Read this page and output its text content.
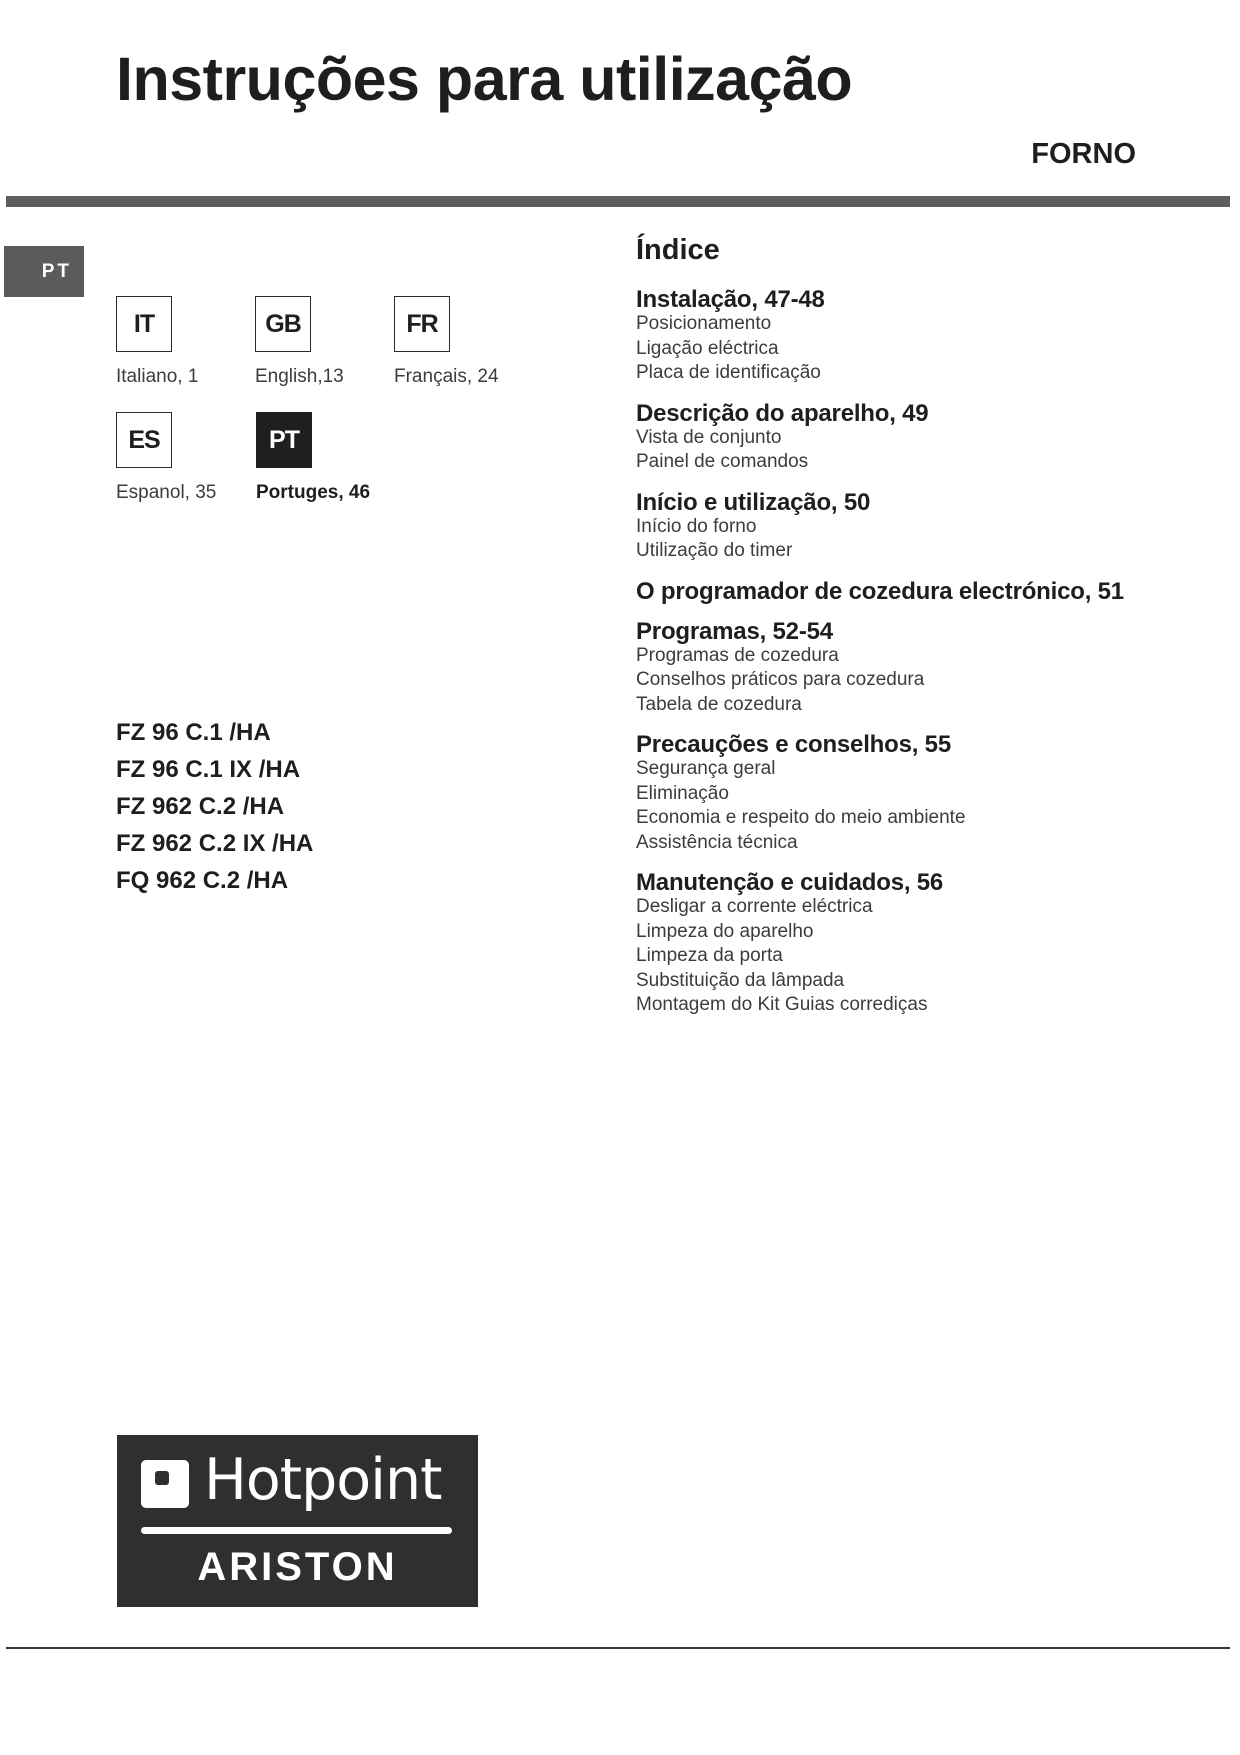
Instruções para utilização
FORNO
PT
IT
Italiano, 1
GB
English,13
FR
Français, 24
ES
Espanol, 35
PT
Portuges, 46
FZ 96 C.1 /HA
FZ 96 C.1 IX /HA
FZ 962 C.2 /HA
FZ 962 C.2 IX /HA
FQ 962 C.2 /HA
Índice
Instalação, 47-48
Posicionamento
Ligação eléctrica
Placa de identificação
Descrição do aparelho, 49
Vista de conjunto
Painel de comandos
Início e utilização, 50
Início do forno
Utilização do timer
O programador de cozedura electrónico, 51
Programas, 52-54
Programas de cozedura
Conselhos práticos para cozedura
Tabela de cozedura
Precauções e conselhos, 55
Segurança geral
Eliminação
Economia e respeito do meio ambiente
Assistência técnica
Manutenção e cuidados, 56
Desligar a corrente eléctrica
Limpeza do aparelho
Limpeza da porta
Substituição da lâmpada
Montagem do Kit Guias corrediças
Hotpoint
ARISTON
